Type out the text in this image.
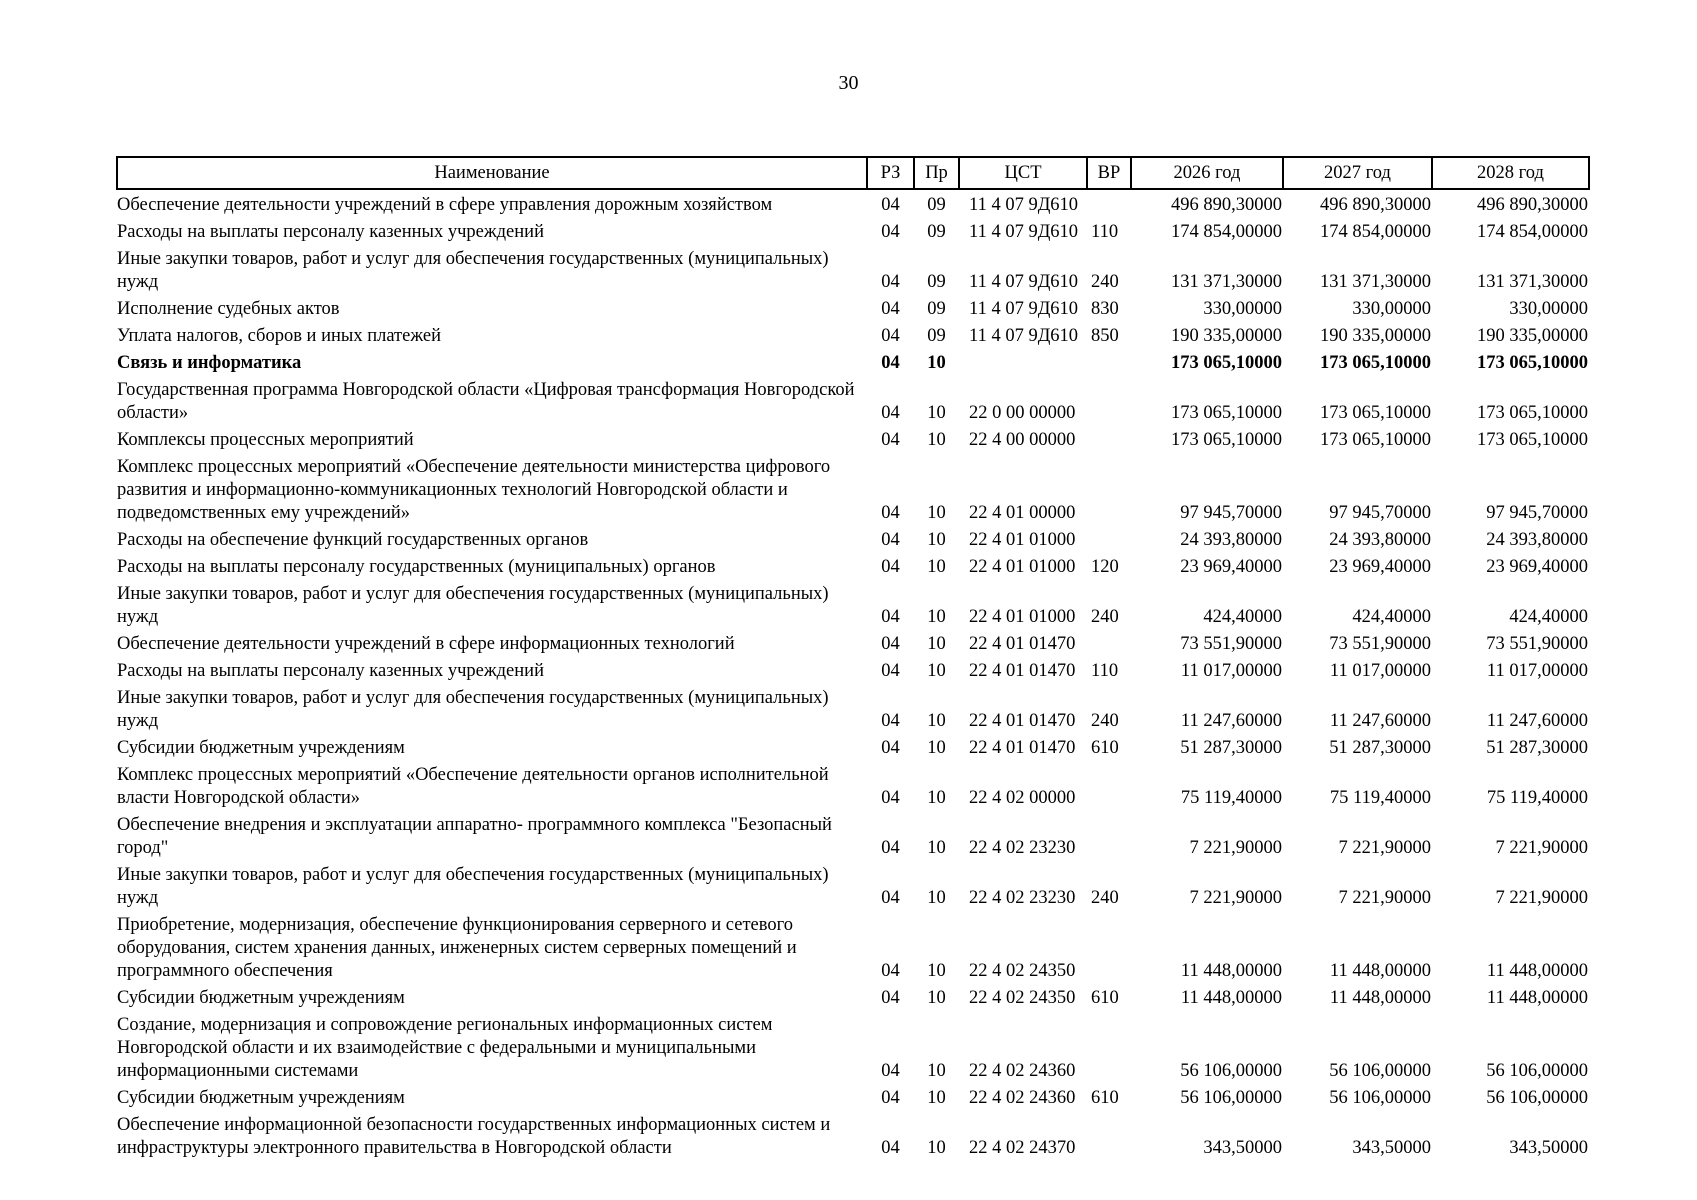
30
Наименование	РЗ	Пр	ЦСТ	ВР	2026 год	2027 год	2028 год
Обеспечение деятельности учреждений в сфере управления дорожным хозяйством	04	09	11 4 07 9Д610		496 890,30000	496 890,30000	496 890,30000
Расходы на выплаты персоналу казенных учреждений	04	09	11 4 07 9Д610	110	174 854,00000	174 854,00000	174 854,00000
Иные закупки товаров, работ и услуг для обеспечения государственных (муниципальных) нужд	04	09	11 4 07 9Д610	240	131 371,30000	131 371,30000	131 371,30000
Исполнение судебных актов	04	09	11 4 07 9Д610	830	330,00000	330,00000	330,00000
Уплата налогов, сборов и иных платежей	04	09	11 4 07 9Д610	850	190 335,00000	190 335,00000	190 335,00000
Связь и информатика	04	10			173 065,10000	173 065,10000	173 065,10000
Государственная программа Новгородской области «Цифровая трансформация Новгородской области»	04	10	22 0 00 00000		173 065,10000	173 065,10000	173 065,10000
Комплексы процессных мероприятий	04	10	22 4 00 00000		173 065,10000	173 065,10000	173 065,10000
Комплекс процессных мероприятий «Обеспечение деятельности министерства цифрового развития и информационно-коммуникационных технологий Новгородской области и подведомственных ему учреждений»	04	10	22 4 01 00000		97 945,70000	97 945,70000	97 945,70000
Расходы на обеспечение функций государственных органов	04	10	22 4 01 01000		24 393,80000	24 393,80000	24 393,80000
Расходы на выплаты персоналу государственных (муниципальных) органов	04	10	22 4 01 01000	120	23 969,40000	23 969,40000	23 969,40000
Иные закупки товаров, работ и услуг для обеспечения государственных (муниципальных) нужд	04	10	22 4 01 01000	240	424,40000	424,40000	424,40000
Обеспечение деятельности учреждений в сфере информационных технологий	04	10	22 4 01 01470		73 551,90000	73 551,90000	73 551,90000
Расходы на выплаты персоналу казенных учреждений	04	10	22 4 01 01470	110	11 017,00000	11 017,00000	11 017,00000
Иные закупки товаров, работ и услуг для обеспечения государственных (муниципальных) нужд	04	10	22 4 01 01470	240	11 247,60000	11 247,60000	11 247,60000
Субсидии бюджетным учреждениям	04	10	22 4 01 01470	610	51 287,30000	51 287,30000	51 287,30000
Комплекс процессных мероприятий «Обеспечение деятельности органов исполнительной власти Новгородской области»	04	10	22 4 02 00000		75 119,40000	75 119,40000	75 119,40000
Обеспечение внедрения и эксплуатации аппаратно- программного комплекса "Безопасный город"	04	10	22 4 02 23230		7 221,90000	7 221,90000	7 221,90000
Иные закупки товаров, работ и услуг для обеспечения государственных (муниципальных) нужд	04	10	22 4 02 23230	240	7 221,90000	7 221,90000	7 221,90000
Приобретение, модернизация, обеспечение функционирования серверного и сетевого оборудования, систем хранения данных, инженерных систем серверных помещений и программного обеспечения	04	10	22 4 02 24350		11 448,00000	11 448,00000	11 448,00000
Субсидии бюджетным учреждениям	04	10	22 4 02 24350	610	11 448,00000	11 448,00000	11 448,00000
Создание, модернизация и сопровождение региональных информационных систем Новгородской области и их взаимодействие с федеральными и муниципальными информационными системами	04	10	22 4 02 24360		56 106,00000	56 106,00000	56 106,00000
Субсидии бюджетным учреждениям	04	10	22 4 02 24360	610	56 106,00000	56 106,00000	56 106,00000
Обеспечение информационной безопасности государственных информационных систем и инфраструктуры электронного правительства в Новгородской области	04	10	22 4 02 24370		343,50000	343,50000	343,50000
